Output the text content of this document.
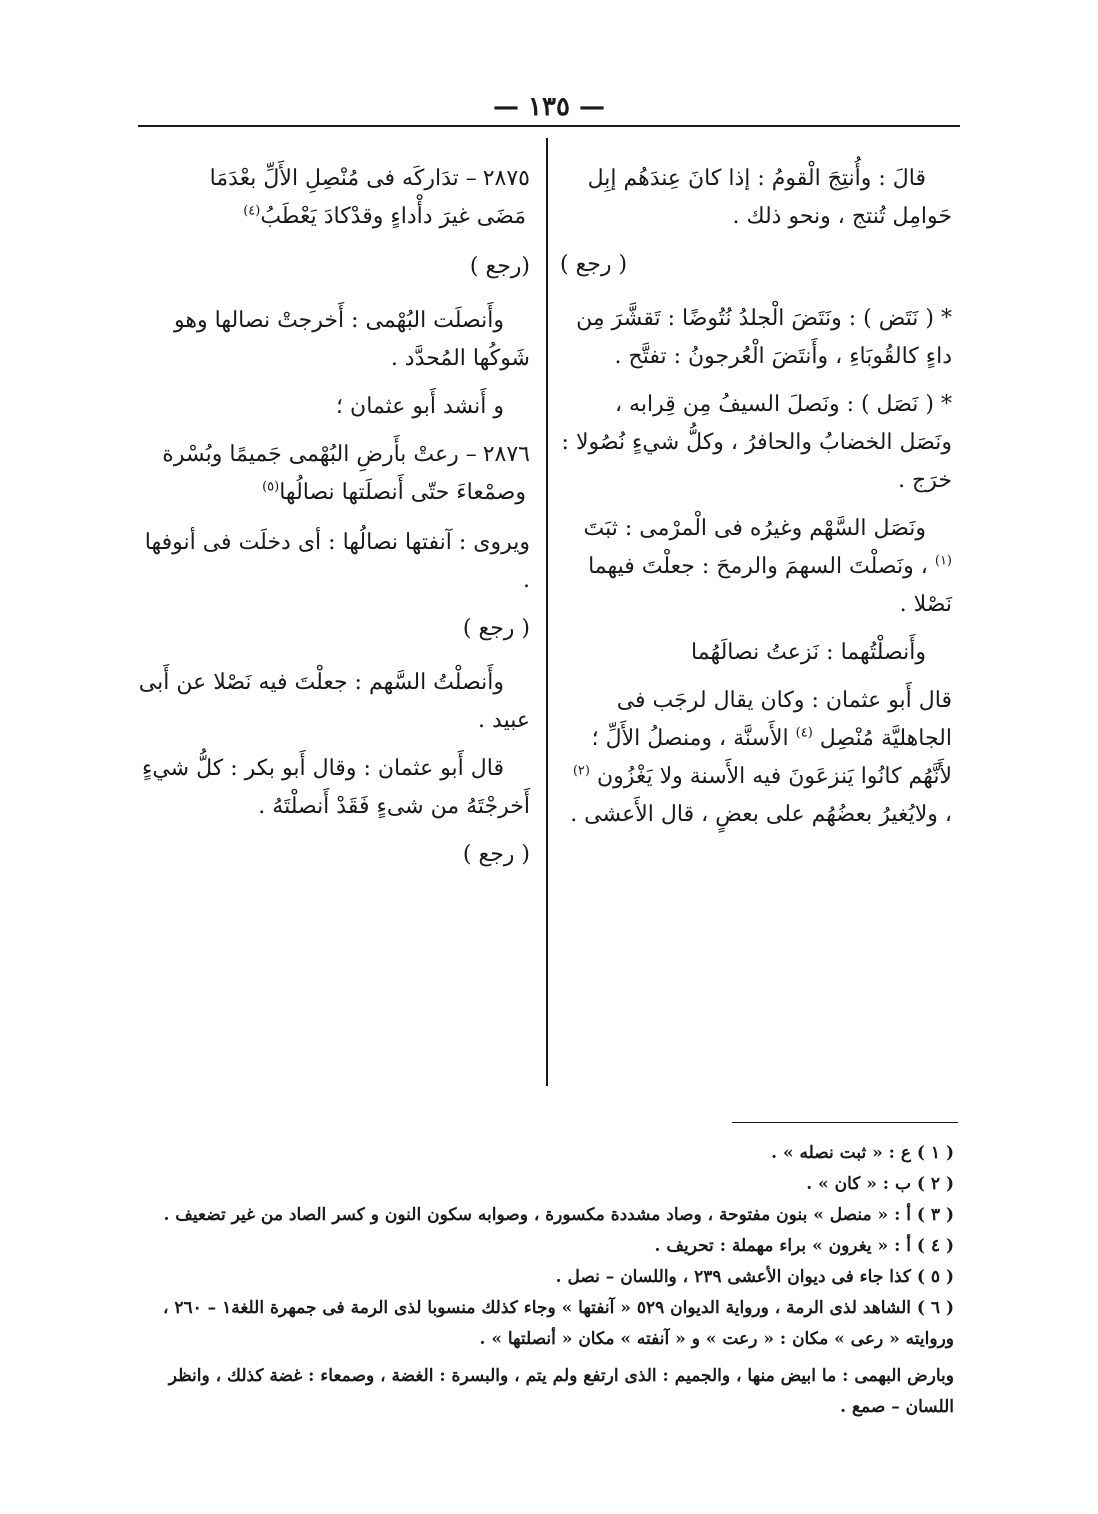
— ١٣٥ —

قالَ : وأُنتِجَ الْقومُ : إذا كانَ عِندَهُم إبِل حَوامِل تُنتج ، ونحو ذلك .

( رجع )

* ( نَتَض ) : ونَتَضَ الْجلدُ نُتُوضًا : تَقشَّرَ مِن داءٍ كالقُوبَاءِ ، وأَنتَضَ الْعُرجونُ : تفتَّح .

* ( نَصَل ) : ونَصلَ السيفُ مِن قِرابه ، ونَصَل الخضابُ والحافرُ ، وكلُّ شيءٍ نُصُولا : خرَج .

ونَصَل السَّهْم وغيرُه فى الْمرْمى : ثبَتَ $^{(١)}$ ، ونَصلْتَ السهمَ والرمحَ : جعلْتَ فيهما نَصْلا .

وأَنصلْتُهما : نَزعتُ نصالَهُما

قال أَبو عثمان : وكان يقال لرجَب فى الجاهليَّة مُنْصِل $^{(٤)}$ الأَسنَّة ، ومنصلُ الأَلِّ ؛ لأَنَّهُم كانُوا يَنزعَونَ فيه الأَسنة ولا يَغْزُون $^{(٢)}$ ، ولايُغيرُ بعضُهُم على بعضٍ ، قال الأَعشى .

٢٨٧٥– تدَاركَه فى مُنْصِلِ الأَلِّ بعْدَمَا
مَضَى غيرَ دأْداءٍ وقدْكادَ يَعْطَبُ$^{(٤)}$

(رجع )

وأَنصلَت البُهْمى : أَخرجتْ نصالها وهو شَوكُها المُحدَّد .

و أَنشد أَبو عثمان ؛

٢٨٧٦– رعتْ بأَرضِ البُهْمى جَميمًا وبُسْرة
وصمْعاءَ حتّى أَنصلَتها نصالُها$^{(٥)}$

ويروى : آنفتها نصالُها : أى دخلَت فى أنوفها .

( رجع )

وأَنصلْتُ السَّهم : جعلْتَ فيه نَصْلا عن أَبى عبيد .

قال أَبو عثمان : وقال أَبو بكر : كلُّ شيءٍ أَخرجْتَهُ من شىءٍ فَقَدْ أَنصلْتَهُ .

( رجع )

( ١ ) ع : « ثبت نصله » .

( ٢ ) ب : « كان » .

( ٣ ) أ : « منصل » بنون مفتوحة ، وصاد مشددة مكسورة ، وصوابه سكون النون و كسر الصاد من غير تضعيف .

( ٤ ) أ : « يغرون » براء مهملة : تحريف .

( ٥ ) كذا جاء فى ديوان الأعشى ٢٣٩ ، واللسان – نصل .

( ٦ ) الشاهد لذى الرمة ، ورواية الديوان ٥٢٩ « آنفتها » وجاء كذلك منسوبا لذى الرمة فى جمهرة اللغة١ – ٢٦٠ ، وروايته « رعى » مكان : « رعت » و « آنفته » مكان « أنصلتها » .

وبارض البهمى : ما ابيض منها ، والجميم : الذى ارتفع ولم يتم ، والبسرة : الغضة ، وصمعاء : غضة كذلك ، وانظر اللسان – صمع .
